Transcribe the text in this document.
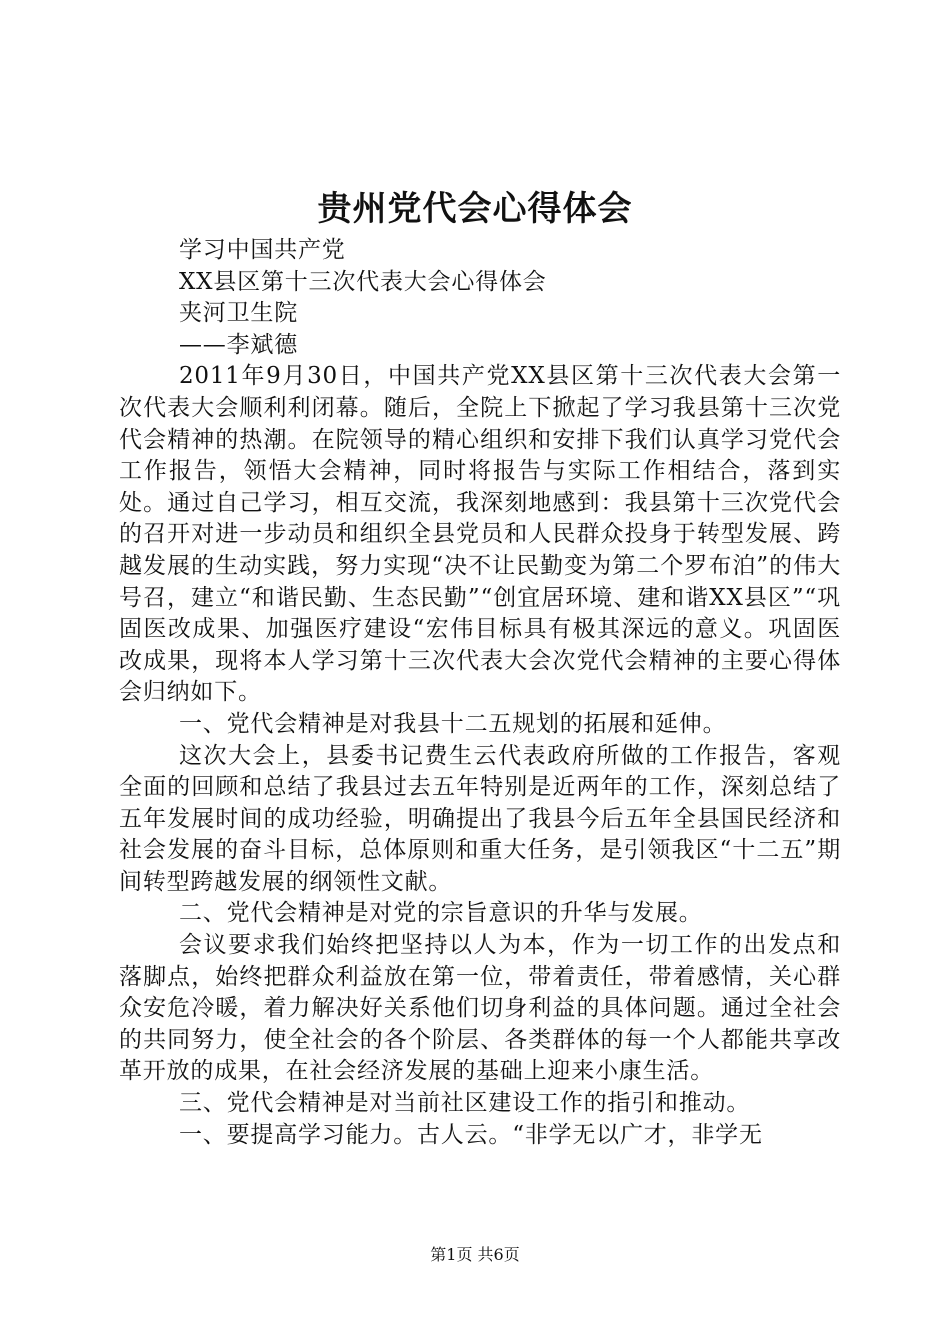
贵州党代会心得体会

学习中国共产党

XX县区第十三次代表大会心得体会

夹河卫生院

——李斌德

2011年9月30日，中国共产党XX县区第十三次代表大会第一次代表大会顺利利闭幕。随后，全院上下掀起了学习我县第十三次党代会精神的热潮。在院领导的精心组织和安排下我们认真学习党代会工作报告，领悟大会精神，同时将报告与实际工作相结合，落到实处。通过自己学习，相互交流，我深刻地感到：我县第十三次党代会的召开对进一步动员和组织全县党员和人民群众投身于转型发展、跨越发展的生动实践，努力实现“决不让民勤变为第二个罗布泊”的伟大号召，建立“和谐民勤、生态民勤”“创宜居环境、建和谐XX县区”“巩固医改成果、加强医疗建设“宏伟目标具有极其深远的意义。巩固医改成果，现将本人学习第十三次代表大会次党代会精神的主要心得体会归纳如下。

一、党代会精神是对我县十二五规划的拓展和延伸。

这次大会上，县委书记费生云代表政府所做的工作报告，客观全面的回顾和总结了我县过去五年特别是近两年的工作，深刻总结了五年发展时间的成功经验，明确提出了我县今后五年全县国民经济和社会发展的奋斗目标，总体原则和重大任务，是引领我区“十二五”期间转型跨越发展的纲领性文献。

二、党代会精神是对党的宗旨意识的升华与发展。

会议要求我们始终把坚持以人为本，作为一切工作的出发点和落脚点，始终把群众利益放在第一位，带着责任，带着感情，关心群众安危冷暖，着力解决好关系他们切身利益的具体问题。通过全社会的共同努力，使全社会的各个阶层、各类群体的每一个人都能共享改革开放的成果，在社会经济发展的基础上迎来小康生活。

三、党代会精神是对当前社区建设工作的指引和推动。

一、要提高学习能力。古人云。“非学无以广才，非学无

第1页 共6页
